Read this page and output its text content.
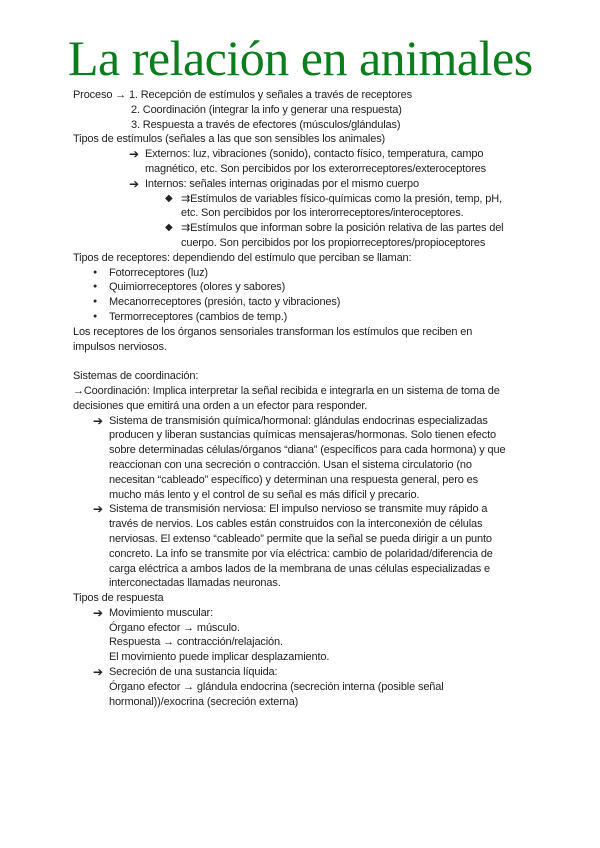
La relación en animales
Proceso → 1. Recepción de estímulos y señales a través de receptores
2. Coordinación (integrar la info y generar una respuesta)
3. Respuesta a través de efectores (músculos/glándulas)
Tipos de estímulos (señales a las que son sensibles los animales)
➔ Externos: luz, vibraciones (sonido), contacto físico, temperatura, campo
magnético, etc. Son percibidos por los exterorreceptores/exteroceptores
➔ Internos: señales internas originadas por el mismo cuerpo
◆ ⇉Estímulos de variables físico-químicas como la presión, temp, pH,
etc. Son percibidos por los interorreceptores/interoceptores.
◆ ⇉Estímulos que informan sobre la posición relativa de las partes del
cuerpo. Son percibidos por los propiorreceptores/propioceptores
Tipos de receptores: dependiendo del estímulo que perciban se llaman:
● Fotorreceptores (luz)
● Quimiorreceptores (olores y sabores)
● Mecanorreceptores (presión, tacto y vibraciones)
● Termorreceptores (cambios de temp.)
Los receptores de los órganos sensoriales transforman los estímulos que reciben en
impulsos nerviosos.
Sistemas de coordinación:
→Coordinación: Implica interpretar la señal recibida e integrarla en un sistema de toma de
decisiones que emitirá una orden a un efector para responder.
➔ Sistema de transmisión química/hormonal: glándulas endocrinas especializadas
producen y liberan sustancias químicas mensajeras/hormonas. Solo tienen efecto
sobre determinadas células/órganos “diana” (específicos para cada hormona) y que
reaccionan con una secreción o contracción. Usan el sistema circulatorio (no
necesitan “cableado” específico) y determinan una respuesta general, pero es
mucho más lento y el control de su señal es más difícil y precario.
➔ Sistema de transmisión nerviosa: El impulso nervioso se transmite muy rápido a
través de nervios. Los cables están construidos con la interconexión de células
nerviosas. El extenso “cableado” permite que la señal se pueda dirigir a un punto
concreto. La info se transmite por vía eléctrica: cambio de polaridad/diferencia de
carga eléctrica a ambos lados de la membrana de unas células especializadas e
interconectadas llamadas neuronas.
Tipos de respuesta
➔ Movimiento muscular:
Órgano efector → músculo.
Respuesta → contracción/relajación.
El movimiento puede implicar desplazamiento.
➔ Secreción de una sustancia líquida:
Órgano efector → glándula endocrina (secreción interna (posible señal
hormonal))/exocrina (secreción externa)
